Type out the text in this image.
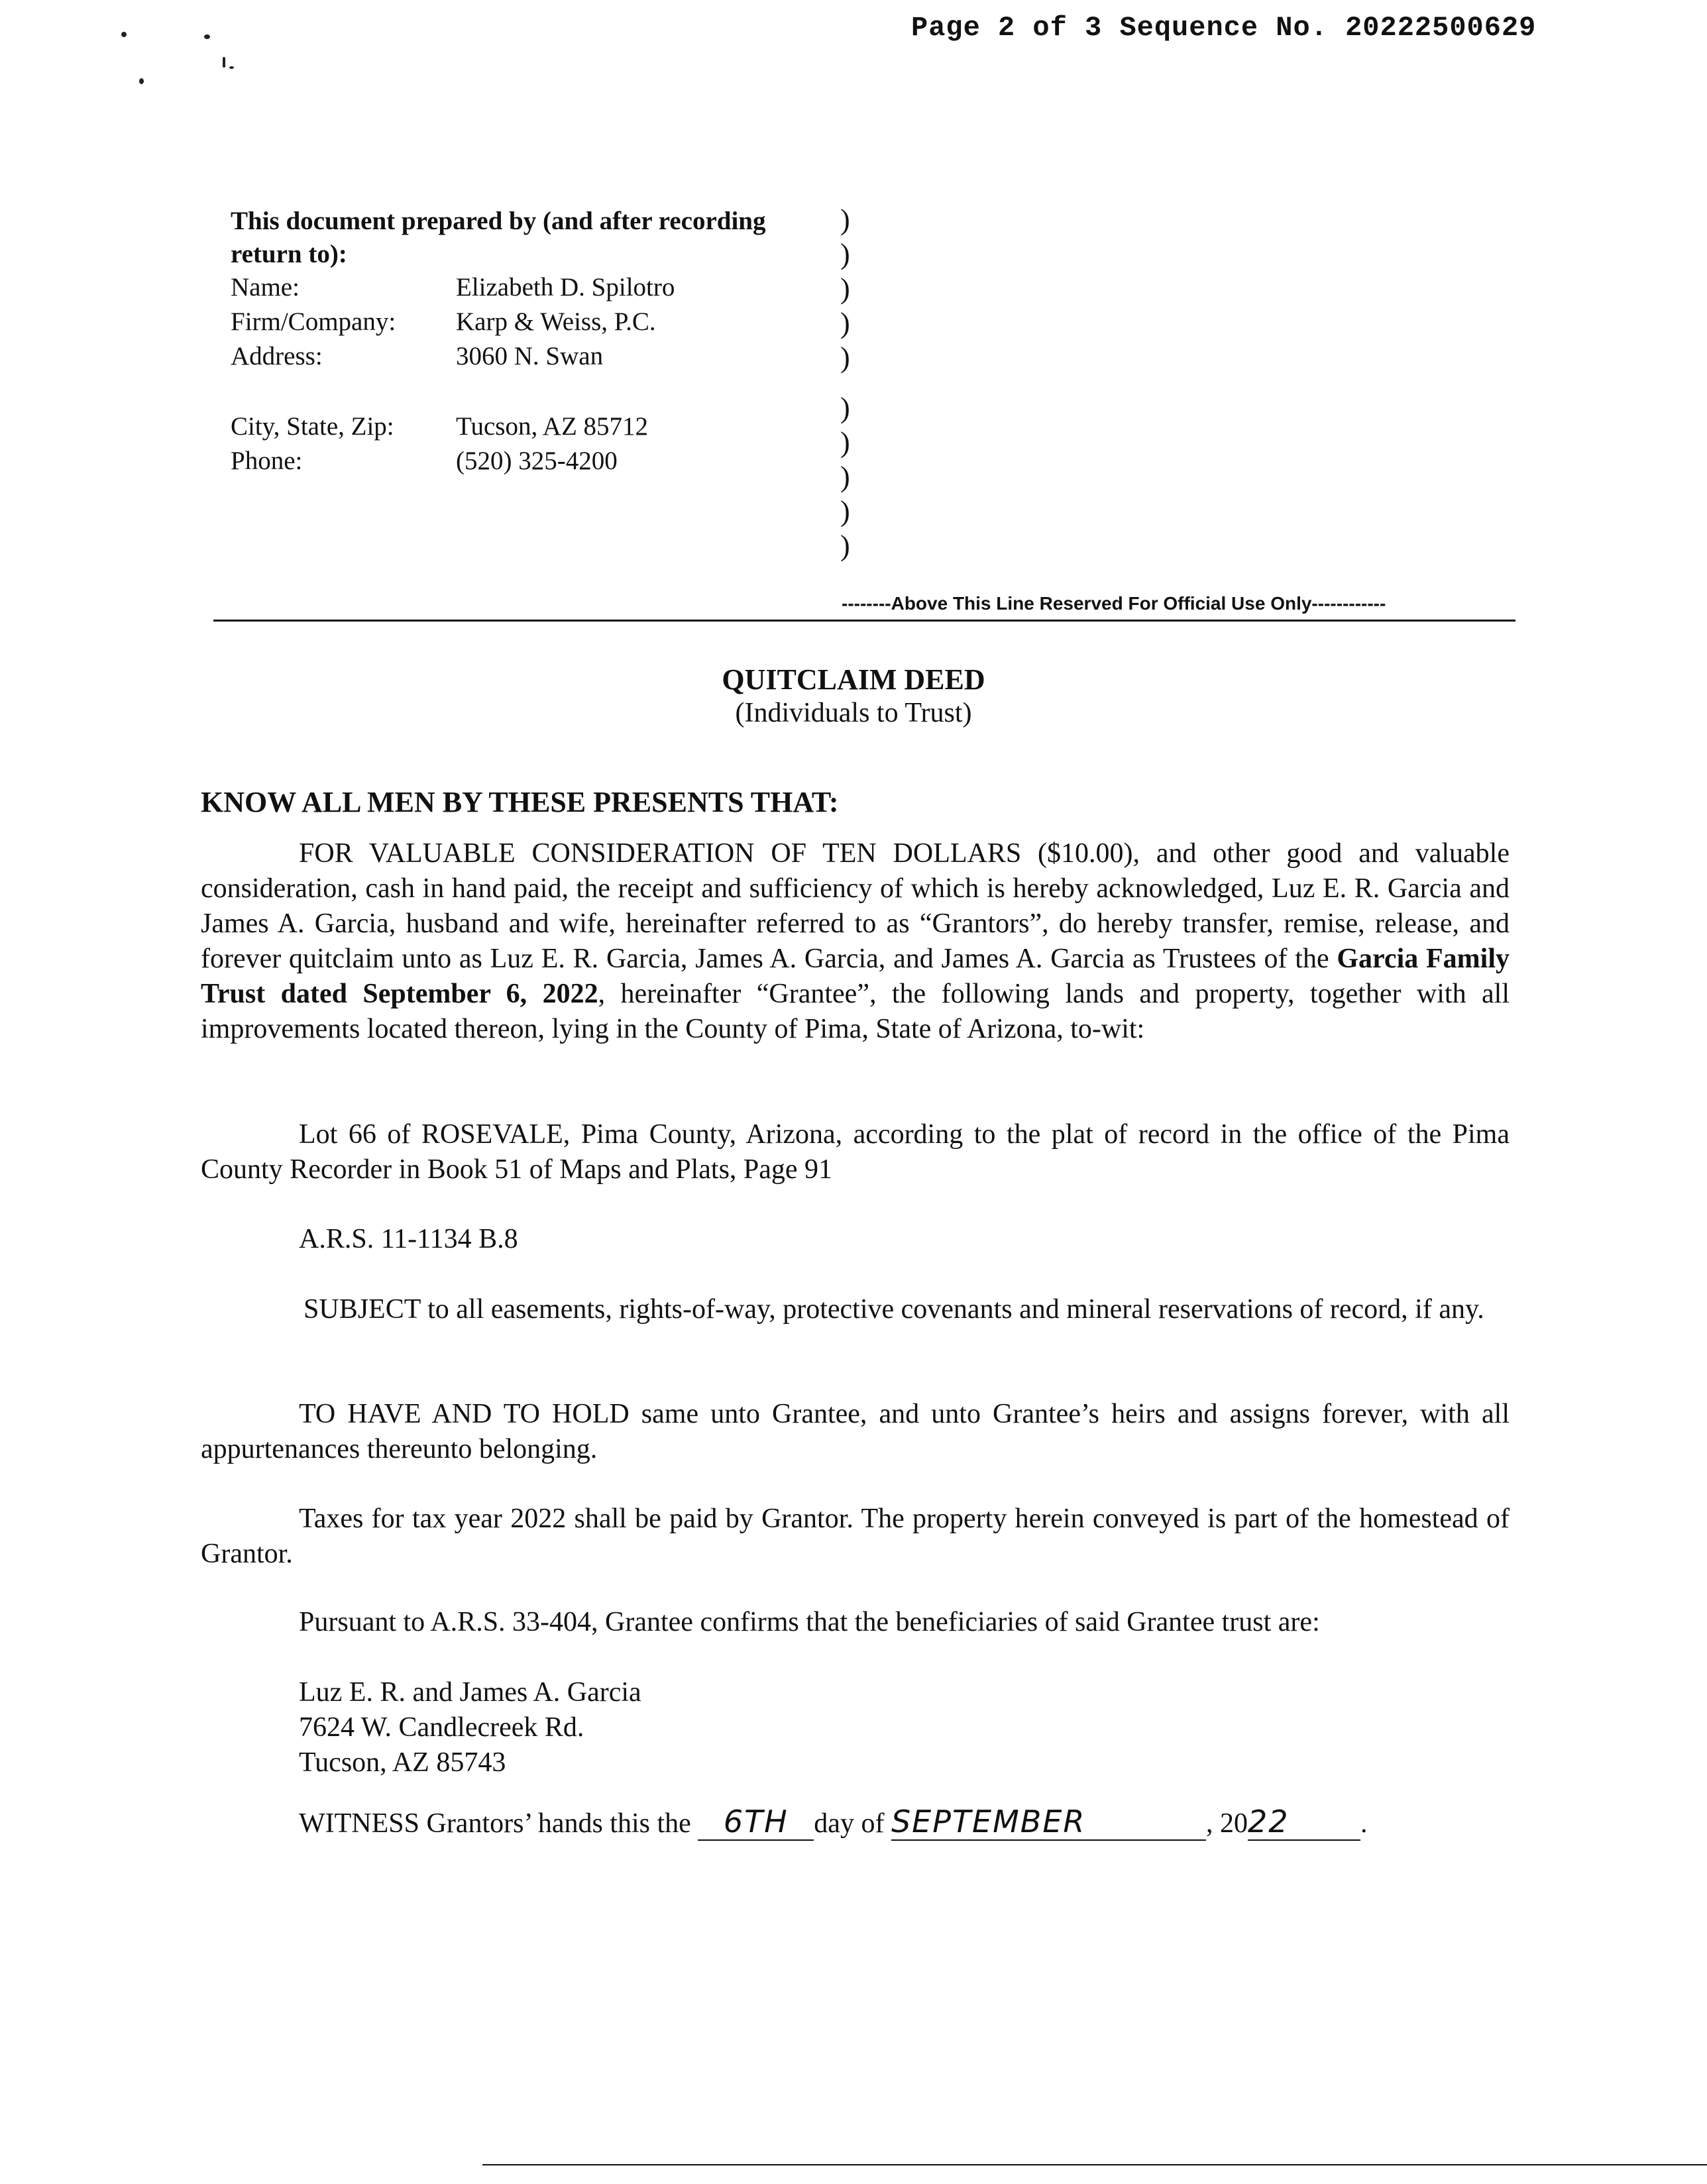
Page 2 of 3 Sequence No. 20222500629
This document prepared by (and after recording
return to):
Name:	Elizabeth D. Spilotro
Firm/Company: Karp & Weiss, P.C.
Address:	3060 N. Swan
City, State, Zip: Tucson, AZ 85712
Phone:	(520) 325-4200
)
)
)
)
)
)
)
)
)
)
--------Above This Line Reserved For Official Use Only------------
QUITCLAIM DEED
(Individuals to Trust)
KNOW ALL MEN BY THESE PRESENTS THAT:
FOR VALUABLE CONSIDERATION OF TEN DOLLARS ($10.00), and other good and valuable consideration, cash in hand paid, the receipt and sufficiency of which is hereby acknowledged, Luz E. R. Garcia and James A. Garcia, husband and wife, hereinafter referred to as “Grantors”, do hereby transfer, remise, release, and forever quitclaim unto as Luz E. R. Garcia, James A. Garcia, and James A. Garcia as Trustees of the Garcia Family Trust dated September 6, 2022, hereinafter “Grantee”, the following lands and property, together with all improvements located thereon, lying in the County of Pima, State of Arizona, to-wit:
Lot 66 of ROSEVALE, Pima County, Arizona, according to the plat of record in the office of the Pima County Recorder in Book 51 of Maps and Plats, Page 91
A.R.S. 11-1134 B.8
SUBJECT to all easements, rights-of-way, protective covenants and mineral reservations of record, if any.
TO HAVE AND TO HOLD same unto Grantee, and unto Grantee’s heirs and assigns forever, with all appurtenances thereunto belonging.
Taxes for tax year 2022 shall be paid by Grantor. The property herein conveyed is part of the homestead of Grantor.
Pursuant to A.R.S. 33-404, Grantee confirms that the beneficiaries of said Grantee trust are:
Luz E. R. and James A. Garcia
7624 W. Candlecreek Rd.
Tucson, AZ 85743
WITNESS Grantors’ hands this the 6TH day of SEPTEMBER	, 2022	.
